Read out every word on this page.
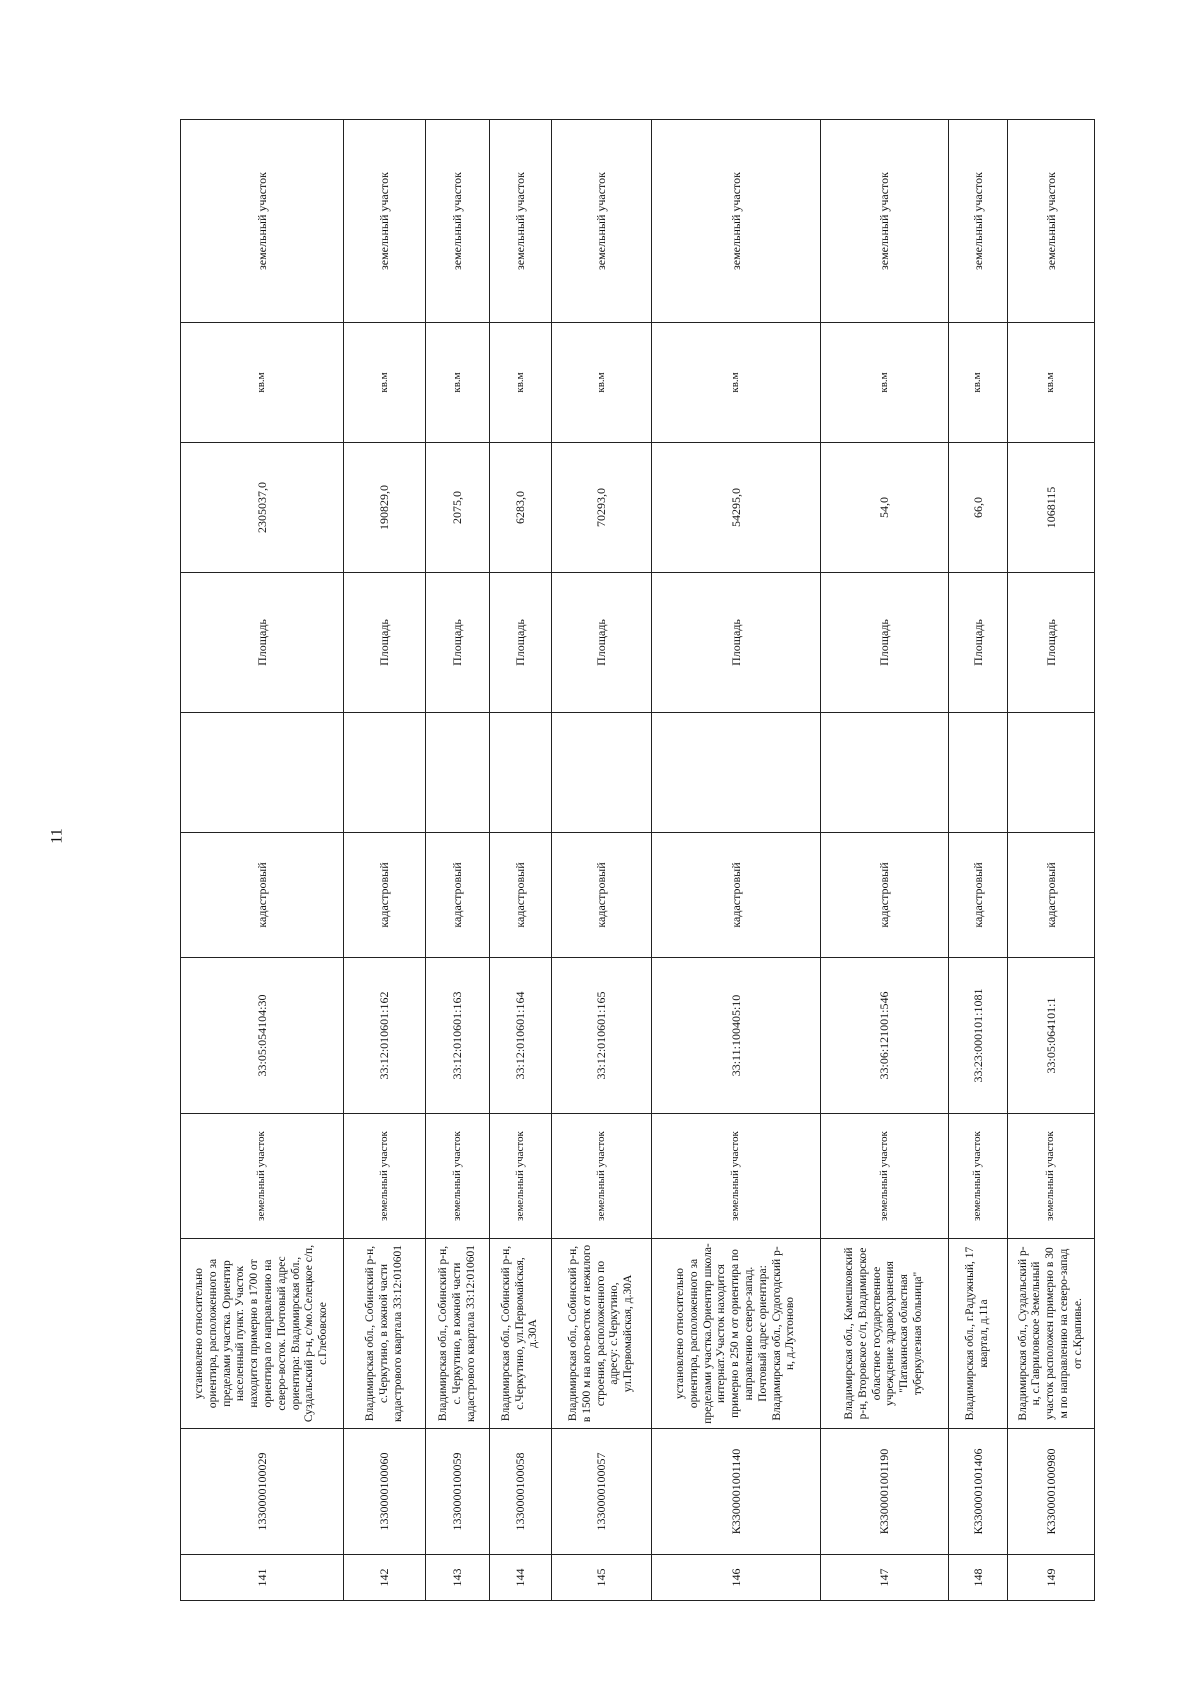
11
141	1330000100029	установлено относительно ориентира, расположенного за пределами участка. Ориентир населенный пункт. Участок находится примерно в 1700 от ориентира по направлению на северо-восток. Почтовый адрес ориентира: Владимирская обл., Суздальский р-н, с/мо.Селецкое с/п, с.Глебовское	земельный участок	33:05:054104:30	кадастровый		Площадь	2305037,0	кв.м	земельный участок
142	1330000100060	Владимирская обл., Собинский р-н, с.Черкутино, в южной части кадастрового квартала 33:12:010601	земельный участок	33:12:010601:162	кадастровый		Площадь	190829,0	кв.м	земельный участок
143	1330000100059	Владимирская обл., Собинский р-н, с. Черкутино, в южной части кадастрового квартала 33:12:010601	земельный участок	33:12:010601:163	кадастровый		Площадь	2075,0	кв.м	земельный участок
144	1330000100058	Владимирская обл., Собинский р-н, с.Черкутино, ул.Первомайская, д.30А	земельный участок	33:12:010601:164	кадастровый		Площадь	6283,0	кв.м	земельный участок
145	1330000100057	Владимирская обл., Собинский р-н, в 1500 м на юго-восток от нежилого строения, расположенного по адресу: с.Черкутино, ул.Первомайская, д.30А	земельный участок	33:12:010601:165	кадастровый		Площадь	70293,0	кв.м	земельный участок
146	К3300001001140	установлено относительно ориентира, расположенного за пределами участка.Ориентир школа-интернат.Участок находится примерно в 250 м от ориентира по направлению северо-запад. Почтовый адрес ориентира: Владимирская обл., Судогодский р-н, д.Лухтоново	земельный участок	33:11:100405:10	кадастровый		Площадь	54295,0	кв.м	земельный участок
147	К3300001001190	Владимирская обл., Камешковский р-н, Второвское с/п, Владимирское областное государственное учреждение здравоохранения "Патакинская областная туберкулезная больница"	земельный участок	33:06:121001:546	кадастровый		Площадь	54,0	кв.м	земельный участок
148	К3300001001406	Владимирская обл., г.Радужный, 17 квартал, д.11а	земельный участок	33:23:000101:1081	кадастровый		Площадь	66,0	кв.м	земельный участок
149	К3300001000980	Владимирская обл., Суздальский р-н, с.Гавриловское Земельный участок расположен примерно в 30 м по направлению на северо-запад от с.Крапивье.	земельный участок	33:05:064101:1	кадастровый		Площадь	1068115	кв.м	земельный участок
